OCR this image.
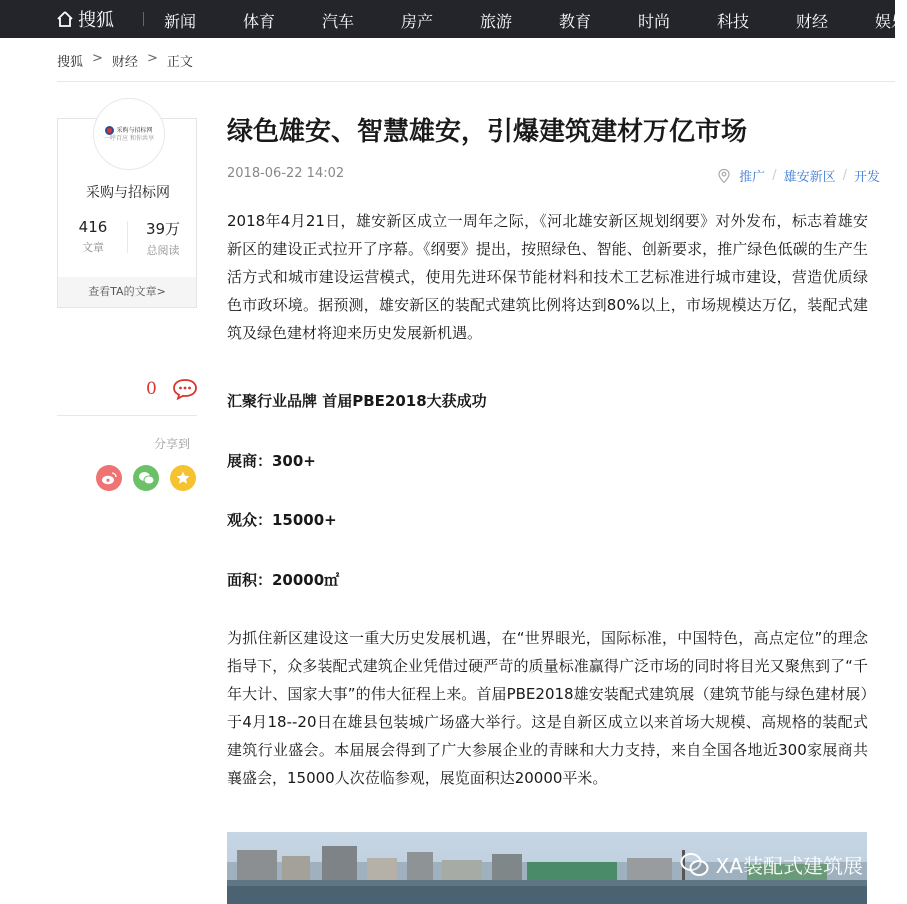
搜狐	新闻	体育	汽车	房产	旅游	教育	时尚	科技	财经	娱乐
搜狐 > 财经 > 正文
采购与招标网
一呼百应 和你共享
采购与招标网
416
文章
39万
总阅读
查看TA的文章>
0
分享到
绿色雄安、智慧雄安，引爆建筑建材万亿市场
2018-06-22 14:02	推广 / 雄安新区 / 开发

2018年4月21日，雄安新区成立一周年之际，《河北雄安新区规划纲要》对外发布，标志着雄安新区的建设正式拉开了序幕。《纲要》提出，按照绿色、智能、创新要求，推广绿色低碳的生产生活方式和城市建设运营模式，使用先进环保节能材料和技术工艺标准进行城市建设，营造优质绿色市政环境。据预测，雄安新区的装配式建筑比例将达到80%以上，市场规模达万亿，装配式建筑及绿色建材将迎来历史发展新机遇。

汇聚行业品牌 首届PBE2018大获成功
展商：300+
观众：15000+
面积：20000㎡

为抓住新区建设这一重大历史发展机遇，在“世界眼光，国际标准，中国特色，高点定位”的理念指导下，众多装配式建筑企业凭借过硬严苛的质量标准赢得广泛市场的同时将目光又聚焦到了“千年大计、国家大事”的伟大征程上来。首届PBE2018雄安装配式建筑展（建筑节能与绿色建材展）于4月18--20日在雄县包装城广场盛大举行。这是自新区成立以来首场大规模、高规格的装配式建筑行业盛会。本届展会得到了广大参展企业的青睐和大力支持，来自全国各地近300家展商共襄盛会，15000人次莅临参观，展览面积达20000平米。

XA装配式建筑展
